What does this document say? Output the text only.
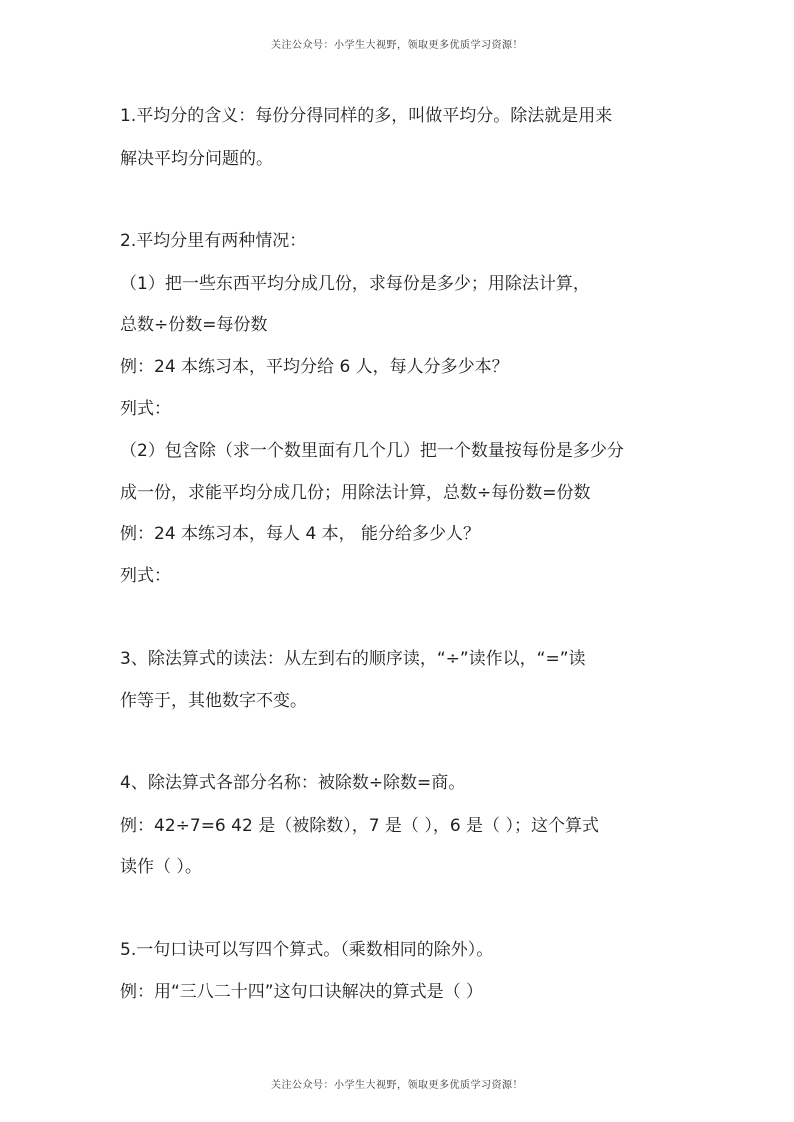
关注公众号：小学生大视野，领取更多优质学习资源！
1.平均分的含义：每份分得同样的多，叫做平均分。除法就是用来
解决平均分问题的。
2.平均分里有两种情况：
（1）把一些东西平均分成几份，求每份是多少；用除法计算，
总数÷份数=每份数
例：24 本练习本，平均分给 6 人，每人分多少本？
列式：
（2）包含除（求一个数里面有几个几）把一个数量按每份是多少分
成一份，求能平均分成几份；用除法计算，总数÷每份数=份数
例：24 本练习本，每人 4 本， 能分给多少人？
列式：
3、除法算式的读法：从左到右的顺序读，“÷”读作以，“=”读
作等于，其他数字不变。
4、除法算式各部分名称：被除数÷除数=商。
例：42÷7=6 42 是（被除数），7 是（ ），6 是（ ）；这个算式
读作（ ）。
5.一句口诀可以写四个算式。（乘数相同的除外）。
例：用“三八二十四”这句口诀解决的算式是（ ）
关注公众号：小学生大视野，领取更多优质学习资源！
